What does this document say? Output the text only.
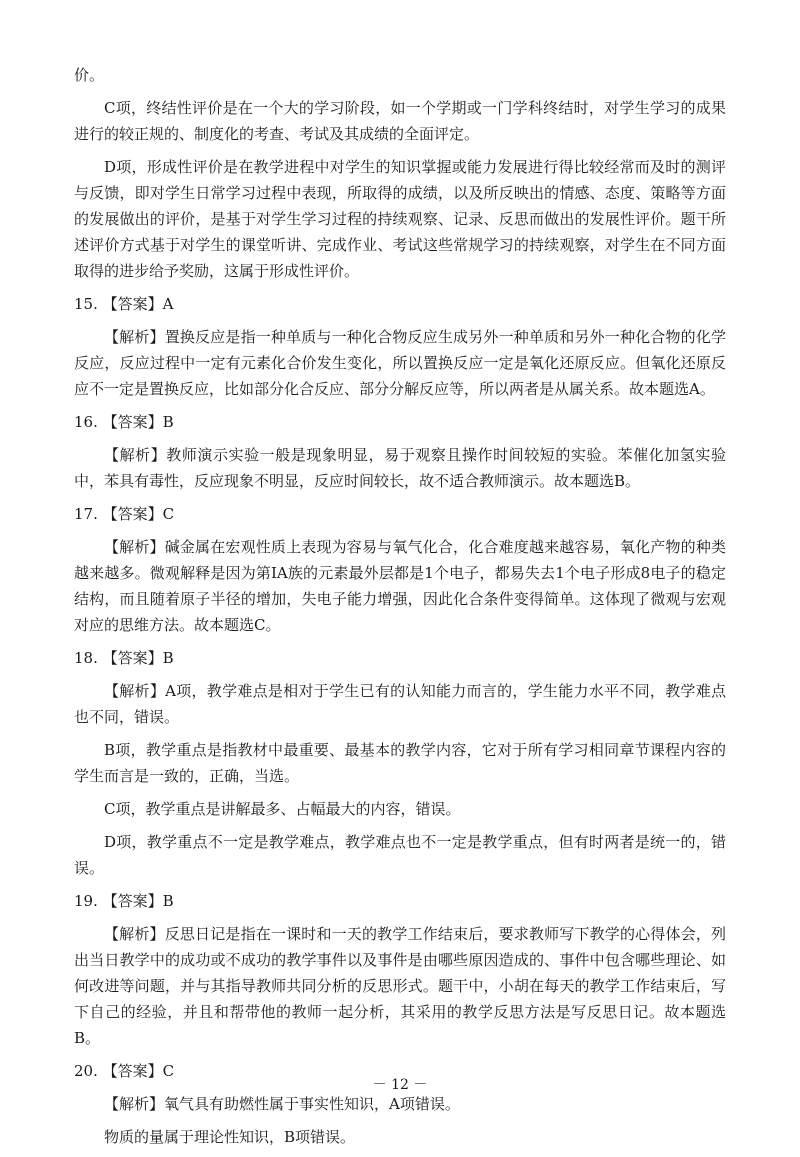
价。

C项，终结性评价是在一个大的学习阶段，如一个学期或一门学科终结时，对学生学习的成果进行的较正规的、制度化的考查、考试及其成绩的全面评定。

D项，形成性评价是在教学进程中对学生的知识掌握或能力发展进行得比较经常而及时的测评与反馈，即对学生日常学习过程中表现，所取得的成绩，以及所反映出的情感、态度、策略等方面的发展做出的评价，是基于对学生学习过程的持续观察、记录、反思而做出的发展性评价。题干所述评价方式基于对学生的课堂听讲、完成作业、考试这些常规学习的持续观察，对学生在不同方面取得的进步给予奖励，这属于形成性评价。

15. 【答案】A

【解析】置换反应是指一种单质与一种化合物反应生成另外一种单质和另外一种化合物的化学反应，反应过程中一定有元素化合价发生变化，所以置换反应一定是氧化还原反应。但氧化还原反应不一定是置换反应，比如部分化合反应、部分分解反应等，所以两者是从属关系。故本题选A。

16. 【答案】B

【解析】教师演示实验一般是现象明显，易于观察且操作时间较短的实验。苯催化加氢实验中，苯具有毒性，反应现象不明显，反应时间较长，故不适合教师演示。故本题选B。

17. 【答案】C

【解析】碱金属在宏观性质上表现为容易与氧气化合，化合难度越来越容易，氧化产物的种类越来越多。微观解释是因为第IA族的元素最外层都是1个电子，都易失去1个电子形成8电子的稳定结构，而且随着原子半径的增加，失电子能力增强，因此化合条件变得简单。这体现了微观与宏观对应的思维方法。故本题选C。

18. 【答案】B

【解析】A项，教学难点是相对于学生已有的认知能力而言的，学生能力水平不同，教学难点也不同，错误。

B项，教学重点是指教材中最重要、最基本的教学内容，它对于所有学习相同章节课程内容的学生而言是一致的，正确，当选。

C项，教学重点是讲解最多、占幅最大的内容，错误。

D项，教学重点不一定是教学难点，教学难点也不一定是教学重点，但有时两者是统一的，错误。

19. 【答案】B

【解析】反思日记是指在一课时和一天的教学工作结束后，要求教师写下教学的心得体会，列出当日教学中的成功或不成功的教学事件以及事件是由哪些原因造成的、事件中包含哪些理论、如何改进等问题，并与其指导教师共同分析的反思形式。题干中，小胡在每天的教学工作结束后，写下自己的经验，并且和帮带他的教师一起分析，其采用的教学反思方法是写反思日记。故本题选B。

20. 【答案】C

【解析】氧气具有助燃性属于事实性知识，A项错误。

物质的量属于理论性知识，B项错误。

－ 12 －
